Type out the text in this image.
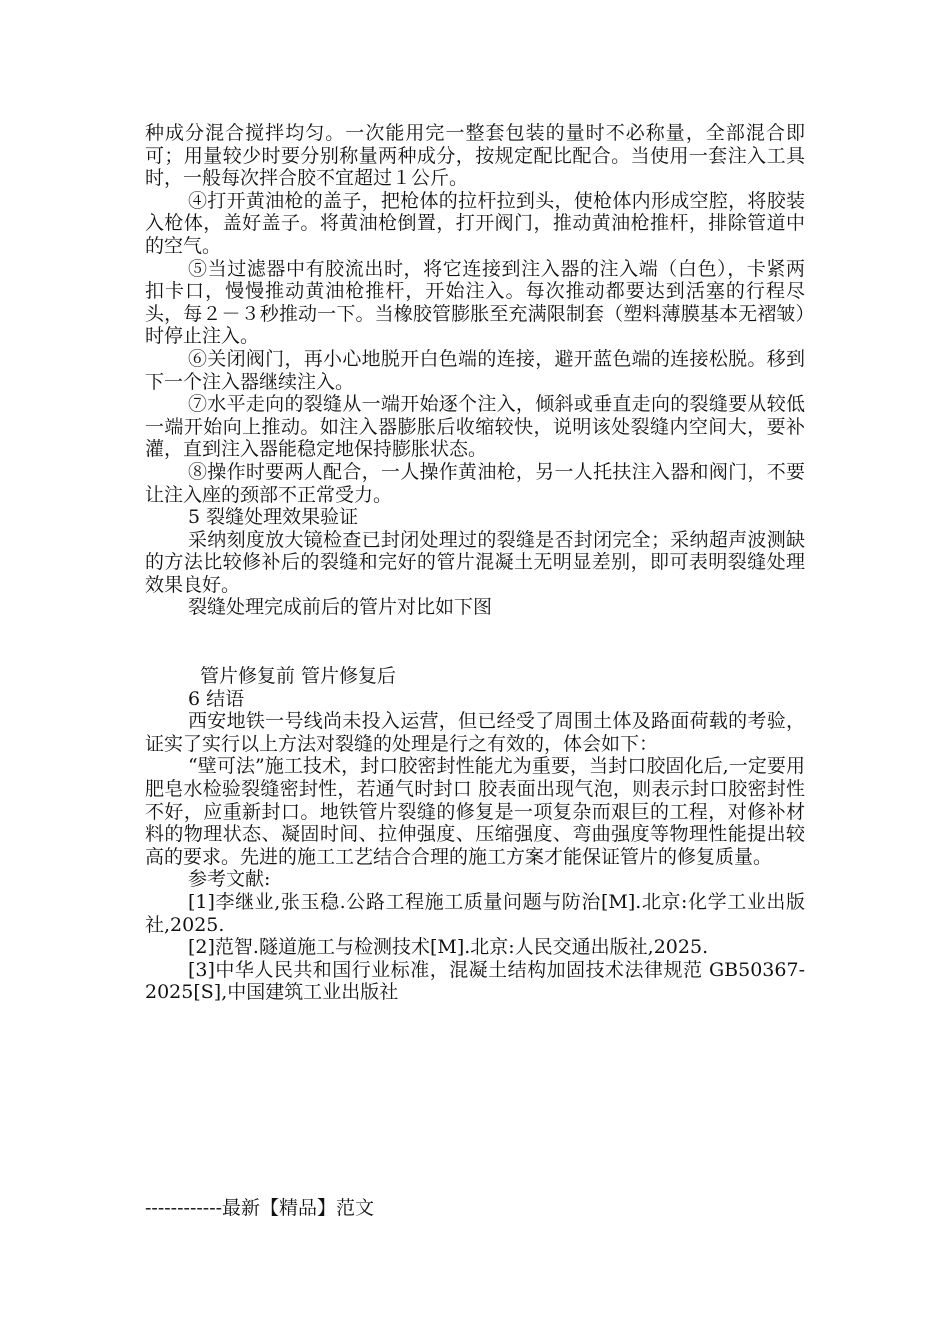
种成分混合搅拌均匀。一次能用完一整套包装的量时不必称量，全部混合即可；用量较少时要分别称量两种成分，按规定配比配合。当使用一套注入工具时，一般每次拌合胶不宜超过１公斤。

④打开黄油枪的盖子，把枪体的拉杆拉到头，使枪体内形成空腔，将胶装入枪体，盖好盖子。将黄油枪倒置，打开阀门，推动黄油枪推杆，排除管道中的空气。

⑤当过滤器中有胶流出时，将它连接到注入器的注入端（白色），卡紧两扣卡口，慢慢推动黄油枪推杆，开始注入。每次推动都要达到活塞的行程尽头，每２－３秒推动一下。当橡胶管膨胀至充满限制套（塑料薄膜基本无褶皱）时停止注入。

⑥关闭阀门，再小心地脱开白色端的连接，避开蓝色端的连接松脱。移到下一个注入器继续注入。

⑦水平走向的裂缝从一端开始逐个注入，倾斜或垂直走向的裂缝要从较低一端开始向上推动。如注入器膨胀后收缩较快，说明该处裂缝内空间大，要补灌，直到注入器能稳定地保持膨胀状态。

⑧操作时要两人配合，一人操作黄油枪，另一人托扶注入器和阀门，不要让注入座的颈部不正常受力。

5 裂缝处理效果验证

采纳刻度放大镜检查已封闭处理过的裂缝是否封闭完全；采纳超声波测缺的方法比较修补后的裂缝和完好的管片混凝土无明显差别，即可表明裂缝处理效果良好。

裂缝处理完成前后的管片对比如下图

管片修复前 管片修复后

6 结语

西安地铁一号线尚未投入运营，但已经受了周围土体及路面荷载的考验，证实了实行以上方法对裂缝的处理是行之有效的，体会如下：

“壁可法”施工技术，封口胶密封性能尤为重要，当封口胶固化后,一定要用肥皂水检验裂缝密封性，若通气时封口 胶表面出现气泡，则表示封口胶密封性不好，应重新封口。地铁管片裂缝的修复是一项复杂而艰巨的工程，对修补材料的物理状态、凝固时间、拉伸强度、压缩强度、弯曲强度等物理性能提出较高的要求。先进的施工工艺结合合理的施工方案才能保证管片的修复质量。

参考文献:

[1]李继业,张玉稳.公路工程施工质量问题与防治[M].北京:化学工业出版社,2025.

[2]范智.隧道施工与检测技术[M].北京:人民交通出版社,2025.

[3]中华人民共和国行业标准，混凝土结构加固技术法律规范 GB50367-2025[S],中国建筑工业出版社

------------最新【精品】范文
